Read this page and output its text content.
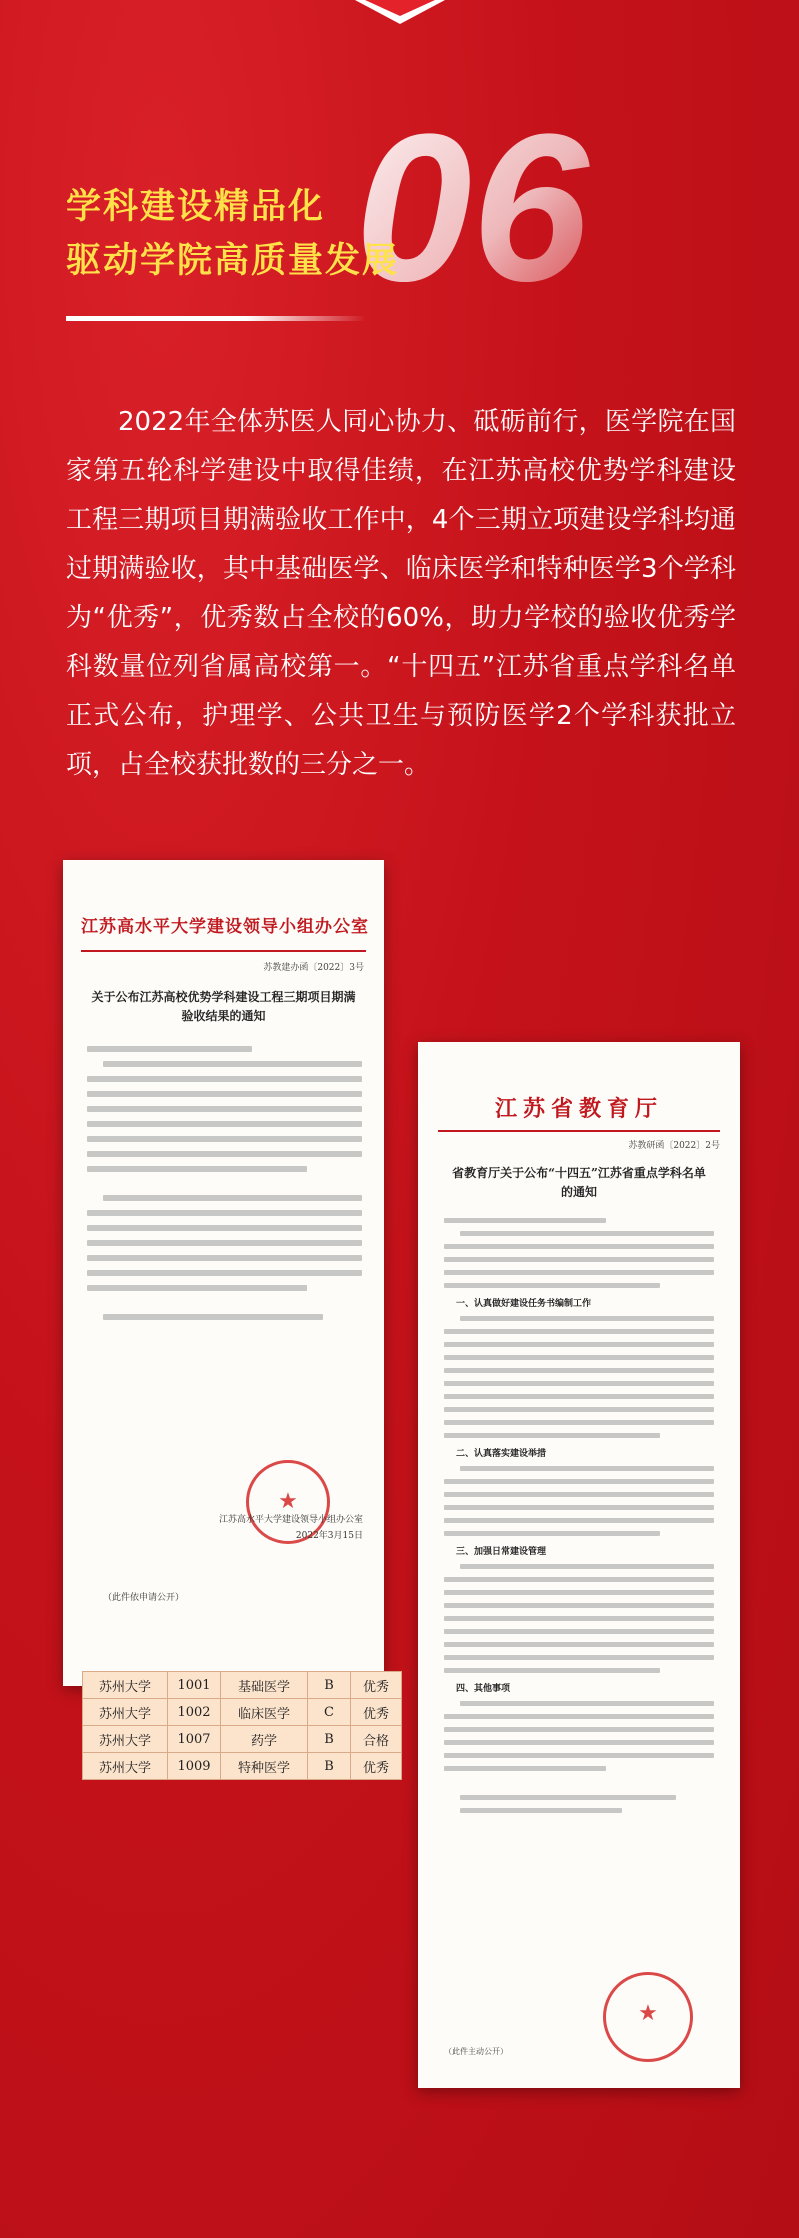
06
学科建设精品化
驱动学院高质量发展

2022年全体苏医人同心协力、砥砺前行，医学院在国家第五轮科学建设中取得佳绩，在江苏高校优势学科建设工程三期项目期满验收工作中，4个三期立项建设学科均通过期满验收，其中基础医学、临床医学和特种医学3个学科为“优秀”，优秀数占全校的60%，助力学校的验收优秀学科数量位列省属高校第一。“十四五”江苏省重点学科名单正式公布，护理学、公共卫生与预防医学2个学科获批立项，占全校获批数的三分之一。

江苏高水平大学建设领导小组办公室
苏教建办函〔2022〕3号
关于公布江苏高校优势学科建设工程三期项目期满验收结果的通知
★
江苏高水平大学建设领导小组办公室
2022年3月15日
（此件依申请公开）
苏州大学	1001	基础医学	B	优秀
苏州大学	1002	临床医学	C	优秀
苏州大学	1007	药学	B	合格
苏州大学	1009	特种医学	B	优秀
江苏省教育厅
苏教研函〔2022〕2号
省教育厅关于公布“十四五”江苏省重点学科名单的通知
一、认真做好建设任务书编制工作
二、认真落实建设举措
三、加强日常建设管理
四、其他事项
★
（此件主动公开）
